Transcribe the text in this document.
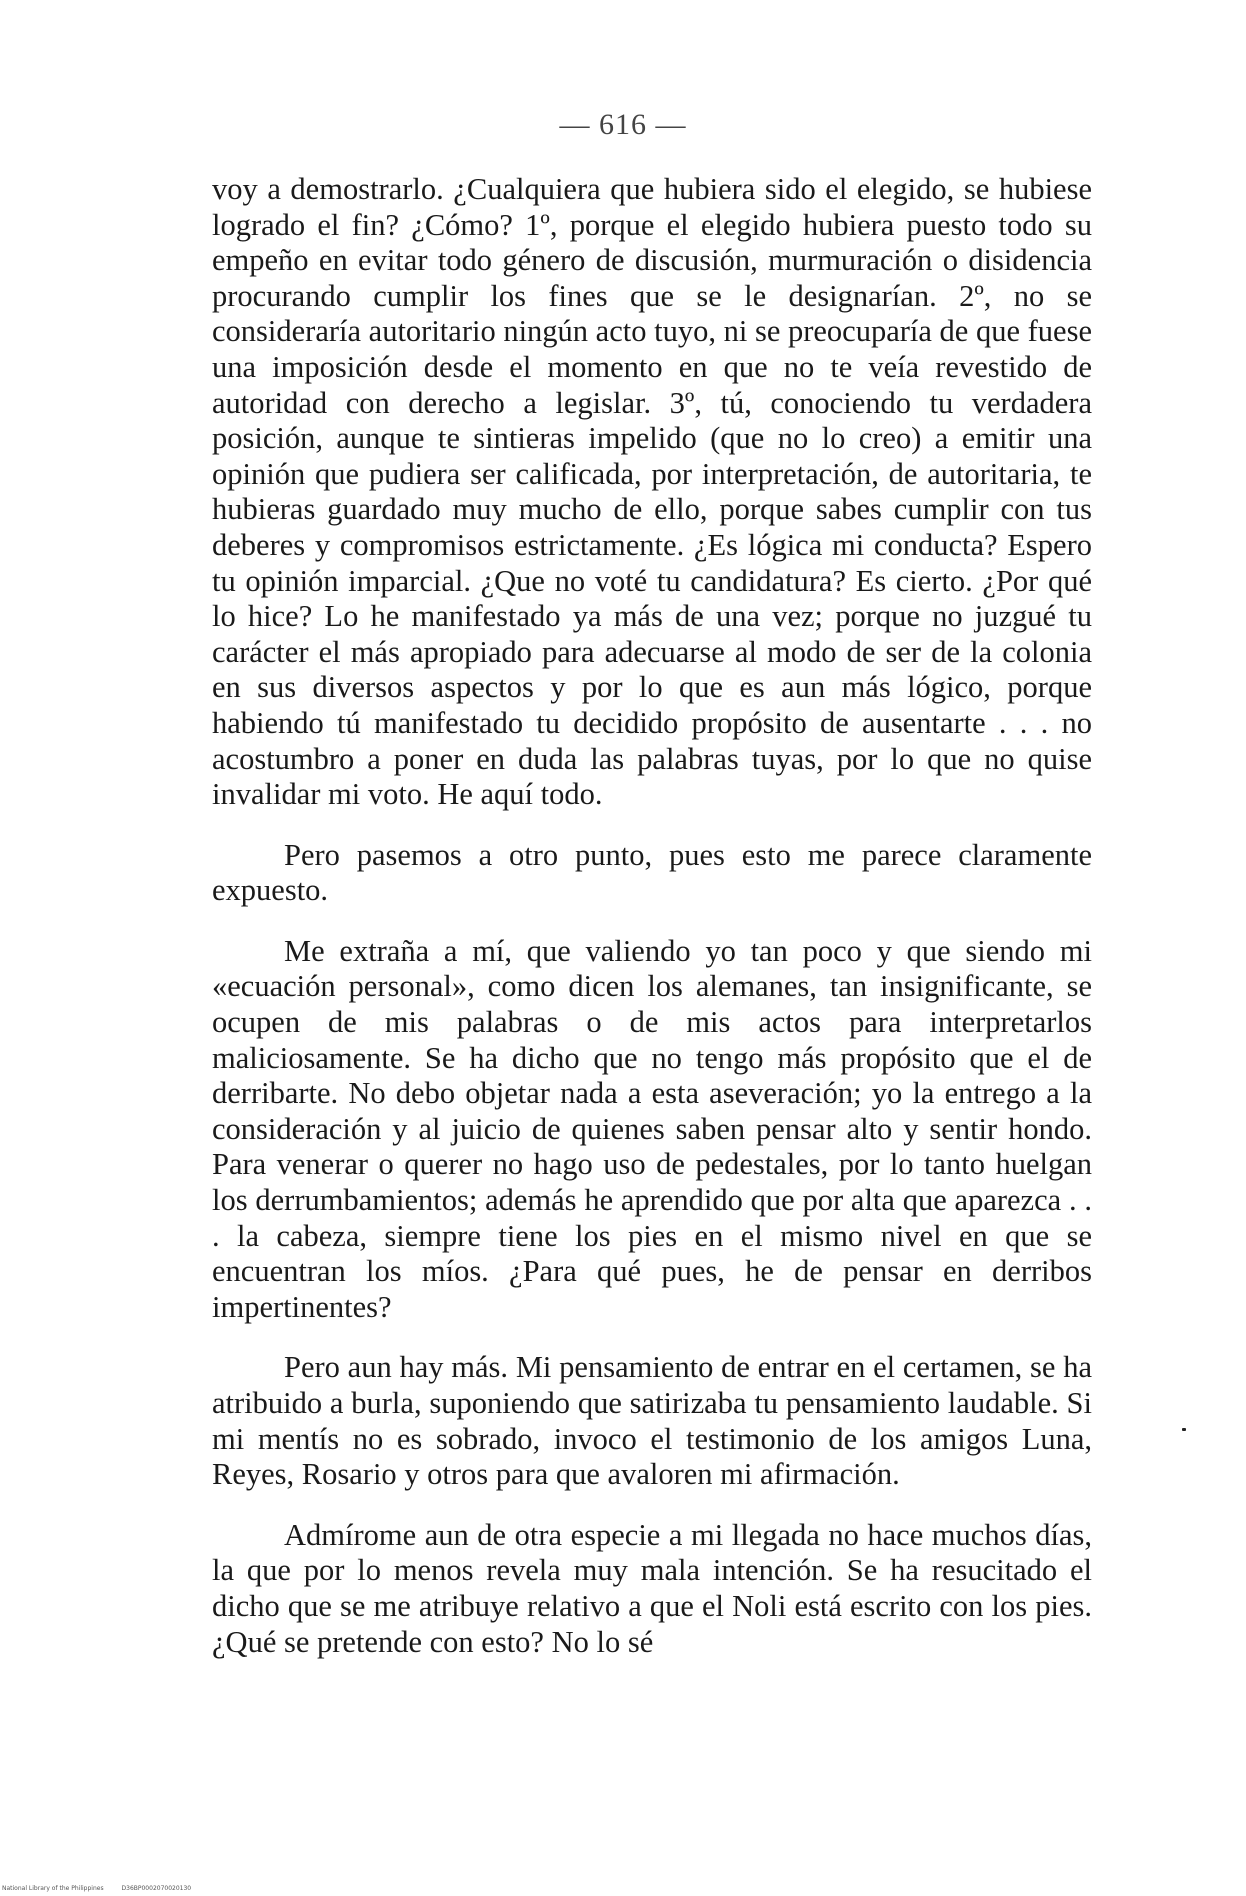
— 616 —

voy a demostrarlo. ¿Cualquiera que hubiera sido el elegido, se hubiese logrado el fin? ¿Cómo? 1º, porque el elegido hubiera puesto todo su empeño en evitar todo género de discusión, murmuración o disidencia procurando cumplir los fines que se le designarían. 2º, no se consideraría autoritario ningún acto tuyo, ni se preocuparía de que fuese una imposición desde el momento en que no te veía revestido de autoridad con derecho a legislar. 3º, tú, conociendo tu verdadera posición, aunque te sintieras impelido (que no lo creo) a emitir una opinión que pudiera ser calificada, por interpretación, de autoritaria, te hubieras guardado muy mucho de ello, porque sabes cumplir con tus deberes y compromisos estrictamente. ¿Es lógica mi conducta? Espero tu opinión imparcial. ¿Que no voté tu candidatura? Es cierto. ¿Por qué lo hice? Lo he manifestado ya más de una vez; porque no juzgué tu carácter el más apropiado para adecuarse al modo de ser de la colonia en sus diversos aspectos y por lo que es aun más lógico, porque habiendo tú manifestado tu decidido propósito de ausentarte . . . no acostumbro a poner en duda las palabras tuyas, por lo que no quise invalidar mi voto. He aquí todo.

Pero pasemos a otro punto, pues esto me parece claramente expuesto.

Me extraña a mí, que valiendo yo tan poco y que siendo mi «ecuación personal», como dicen los alemanes, tan insignificante, se ocupen de mis palabras o de mis actos para interpretarlos maliciosamente. Se ha dicho que no tengo más propósito que el de derribarte. No debo objetar nada a esta aseveración; yo la entrego a la consideración y al juicio de quienes saben pensar alto y sentir hondo. Para venerar o querer no hago uso de pedestales, por lo tanto huelgan los derrumbamientos; además he aprendido que por alta que aparezca . . . la cabeza, siempre tiene los pies en el mismo nivel en que se encuentran los míos. ¿Para qué pues, he de pensar en derribos impertinentes?

Pero aun hay más. Mi pensamiento de entrar en el certamen, se ha atribuido a burla, suponiendo que satirizaba tu pensamiento laudable. Si mi mentís no es sobrado, invoco el testimonio de los amigos Luna, Reyes, Rosario y otros para que avaloren mi afirmación.

Admírome aun de otra especie a mi llegada no hace muchos días, la que por lo menos revela muy mala intención. Se ha resucitado el dicho que se me atribuye relativo a que el Noli está escrito con los pies. ¿Qué se pretende con esto? No lo sé

National Library of the Philippines	D36BP0002070020130
